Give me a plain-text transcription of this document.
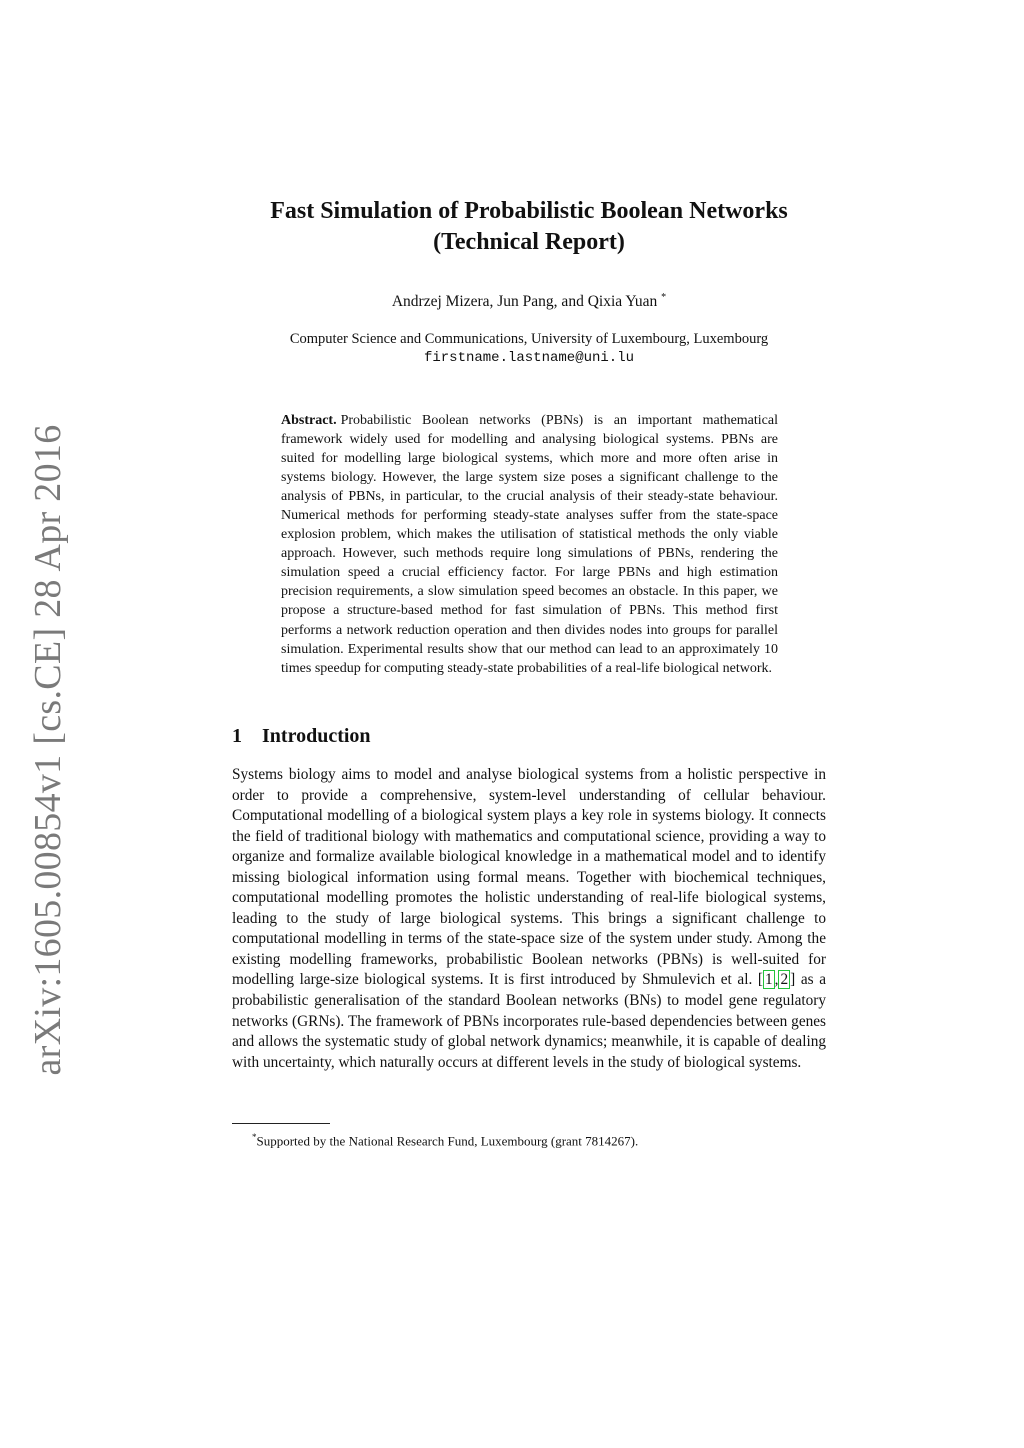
arXiv:1605.00854v1 [cs.CE] 28 Apr 2016
Fast Simulation of Probabilistic Boolean Networks
(Technical Report)
Andrzej Mizera, Jun Pang, and Qixia Yuan *
Computer Science and Communications, University of Luxembourg, Luxembourg
firstname.lastname@uni.lu
Abstract. Probabilistic Boolean networks (PBNs) is an important mathematical framework widely used for modelling and analysing biological systems. PBNs are suited for modelling large biological systems, which more and more often arise in systems biology. However, the large system size poses a significant challenge to the analysis of PBNs, in particular, to the crucial analysis of their steady-state behaviour. Numerical methods for performing steady-state analyses suffer from the state-space explosion problem, which makes the utilisation of statistical methods the only viable approach. However, such methods require long simulations of PBNs, rendering the simulation speed a crucial efficiency factor. For large PBNs and high estimation precision requirements, a slow simulation speed becomes an obstacle. In this paper, we propose a structure-based method for fast simulation of PBNs. This method first performs a network reduction operation and then divides nodes into groups for parallel simulation. Experimental results show that our method can lead to an approximately 10 times speedup for computing steady-state probabilities of a real-life biological network.
1 Introduction
Systems biology aims to model and analyse biological systems from a holistic perspective in order to provide a comprehensive, system-level understanding of cellular behaviour. Computational modelling of a biological system plays a key role in systems biology. It connects the field of traditional biology with mathematics and computational science, providing a way to organize and formalize available biological knowledge in a mathematical model and to identify missing biological information using formal means. Together with biochemical techniques, computational modelling promotes the holistic understanding of real-life biological systems, leading to the study of large biological systems. This brings a significant challenge to computational modelling in terms of the state-space size of the system under study. Among the existing modelling frameworks, probabilistic Boolean networks (PBNs) is well-suited for modelling large-size biological systems. It is first introduced by Shmulevich et al. [ 1 , 2 ] as a probabilistic generalisation of the standard Boolean networks (BNs) to model gene regulatory networks (GRNs). The framework of PBNs incorporates rule-based dependencies between genes and allows the systematic study of global network dynamics; meanwhile, it is capable of dealing with uncertainty, which naturally occurs at different levels in the study of biological systems.
*Supported by the National Research Fund, Luxembourg (grant 7814267).
